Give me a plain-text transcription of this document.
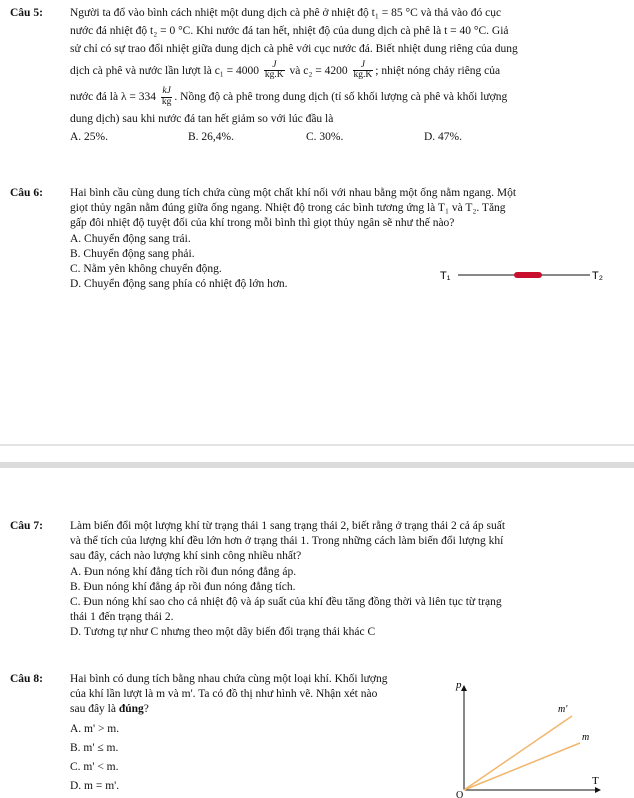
Câu 5: Người ta đổ vào bình cách nhiệt một dung dịch cà phê ở nhiệt độ t₁ = 85 °C và thả vào đó cục
nước đá nhiệt độ t₂ = 0 °C. Khi nước đá tan hết, nhiệt độ của dung dịch cà phê là t = 40 °C. Giả
sử chỉ có sự trao đổi nhiệt giữa dung dịch cà phê với cục nước đá. Biết nhiệt dung riêng của dung
dịch cà phê và nước lần lượt là $c_1 = 4000 \frac{J}{kg.K}$ và $c_2 = 4200 \frac{J}{kg.K}$ ; nhiệt nóng chảy riêng của
nước đá là $\lambda = 334 \frac{kJ}{kg}$ . Nồng độ cà phê trong dung dịch (tỉ số khối lượng cà phê và khối lượng
dung dịch) sau khi nước đá tan hết giảm so với lúc đầu là
A. 25%.	B. 26,4%.	C. 30%.	D. 47%.
Câu 6: Hai bình cầu cùng dung tích chứa cùng một chất khí nối với nhau bằng một ống nằm ngang. Một
giọt thủy ngân nằm đúng giữa ống ngang. Nhiệt độ trong các bình tương ứng là T₁ và T₂. Tăng
gấp đôi nhiệt độ tuyệt đối của khí trong mỗi bình thì giọt thủy ngân sẽ như thế nào?
A. Chuyển động sang trái.
B. Chuyển động sang phải.
C. Nằm yên không chuyển động.
D. Chuyển động sang phía có nhiệt độ lớn hơn.
T₁	T₂
Câu 7: Làm biến đổi một lượng khí từ trạng thái 1 sang trạng thái 2, biết rằng ở trạng thái 2 cả áp suất
và thể tích của lượng khí đều lớn hơn ở trạng thái 1. Trong những cách làm biến đổi lượng khí
sau đây, cách nào lượng khí sinh công nhiều nhất?
A. Đun nóng khí đẳng tích rồi đun nóng đẳng áp.
B. Đun nóng khí đẳng áp rồi đun nóng đẳng tích.
C. Đun nóng khí sao cho cả nhiệt độ và áp suất của khí đều tăng đồng thời và liên tục từ trạng
thái 1 đến trạng thái 2.
D. Tương tự như C nhưng theo một dãy biến đổi trạng thái khác C
Câu 8: Hai bình có dung tích bằng nhau chứa cùng một loại khí. Khối lượng
của khí lần lượt là m và m'. Ta có đồ thị như hình vẽ. Nhận xét nào
sau đây là đúng?
A. m' > m.
B. m' ≤ m.
C. m' < m.
D. m = m'.
p
T
O
m'
m
